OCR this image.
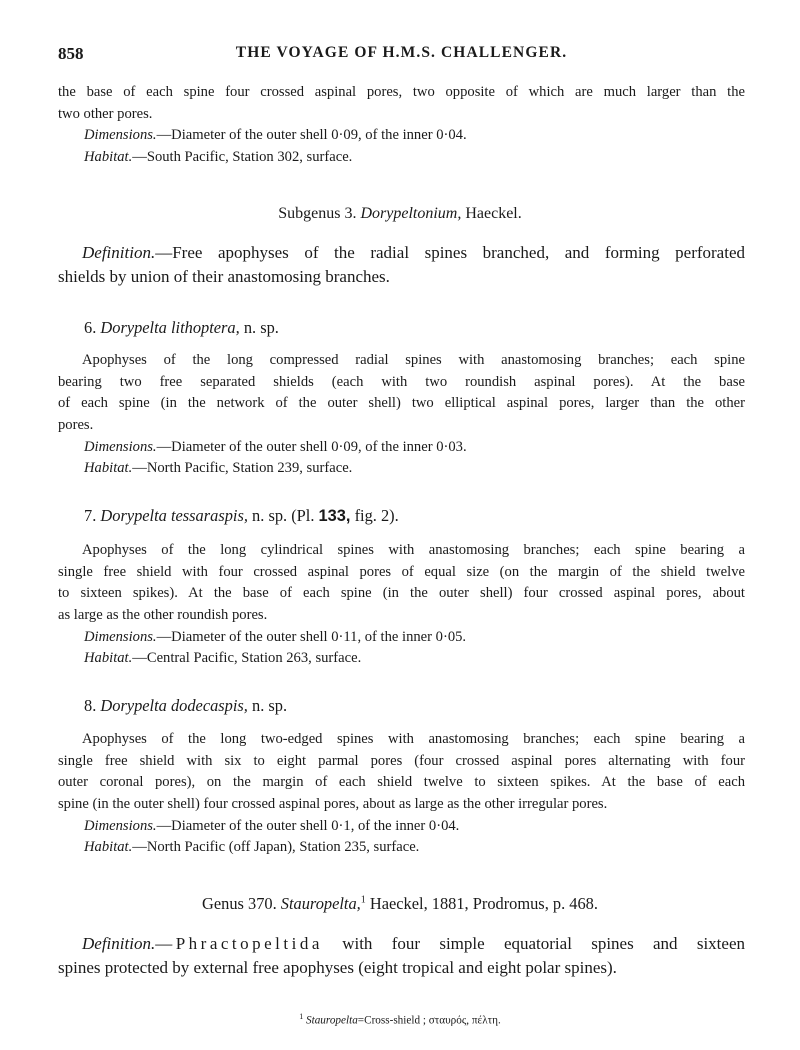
858	THE VOYAGE OF H.M.S. CHALLENGER.
the base of each spine four crossed aspinal pores, two opposite of which are much larger than the
two other pores.
Dimensions.—Diameter of the outer shell 0·09, of the inner 0·04.
Habitat.—South Pacific, Station 302, surface.
Subgenus 3. Dorypeltonium, Haeckel.
Definition.—Free apophyses of the radial spines branched, and forming perforated
shields by union of their anastomosing branches.
6. Dorypelta lithoptera, n. sp.
Apophyses of the long compressed radial spines with anastomosing branches; each spine
bearing two free separated shields (each with two roundish aspinal pores). At the base
of each spine (in the network of the outer shell) two elliptical aspinal pores, larger than the other
pores.
Dimensions.—Diameter of the outer shell 0·09, of the inner 0·03.
Habitat.—North Pacific, Station 239, surface.
7. Dorypelta tessaraspis, n. sp. (Pl. 133, fig. 2).
Apophyses of the long cylindrical spines with anastomosing branches; each spine bearing a
single free shield with four crossed aspinal pores of equal size (on the margin of the shield twelve
to sixteen spikes). At the base of each spine (in the outer shell) four crossed aspinal pores, about
as large as the other roundish pores.
Dimensions.—Diameter of the outer shell 0·11, of the inner 0·05.
Habitat.—Central Pacific, Station 263, surface.
8. Dorypelta dodecaspis, n. sp.
Apophyses of the long two-edged spines with anastomosing branches; each spine bearing a
single free shield with six to eight parmal pores (four crossed aspinal pores alternating with four
outer coronal pores), on the margin of each shield twelve to sixteen spikes. At the base of each
spine (in the outer shell) four crossed aspinal pores, about as large as the other irregular pores.
Dimensions.—Diameter of the outer shell 0·1, of the inner 0·04.
Habitat.—North Pacific (off Japan), Station 235, surface.
Genus 370. Stauropelta,$^1$ Haeckel, 1881, Prodromus, p. 468.
Definition.—Phractopeltida with four simple equatorial spines and sixteen
spines protected by external free apophyses (eight tropical and eight polar spines).
$^1$ Stauropelta=Cross-shield ; σταυρός, πέλτη.
